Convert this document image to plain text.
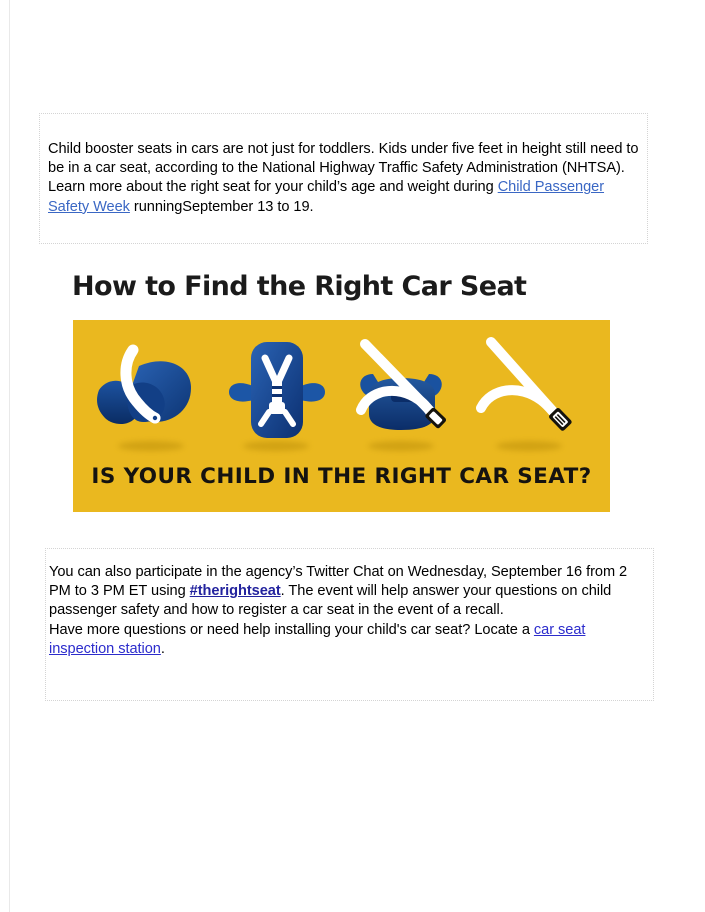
Child booster seats in cars are not just for toddlers. Kids under five feet in height still need to be in a car seat, according to the National Highway Traffic Safety Administration (NHTSA). Learn more about the right seat for your child’s age and weight during Child Passenger Safety Week runningSeptember 13 to 19.

How to Find the Right Car Seat
IS YOUR CHILD IN THE RIGHT CAR SEAT?

You can also participate in the agency’s Twitter Chat on Wednesday, September 16 from 2 PM to 3 PM ET using #therightseat. The event will help answer your questions on child passenger safety and how to register a car seat in the event of a recall.

Have more questions or need help installing your child's car seat? Locate a car seat inspection station.
